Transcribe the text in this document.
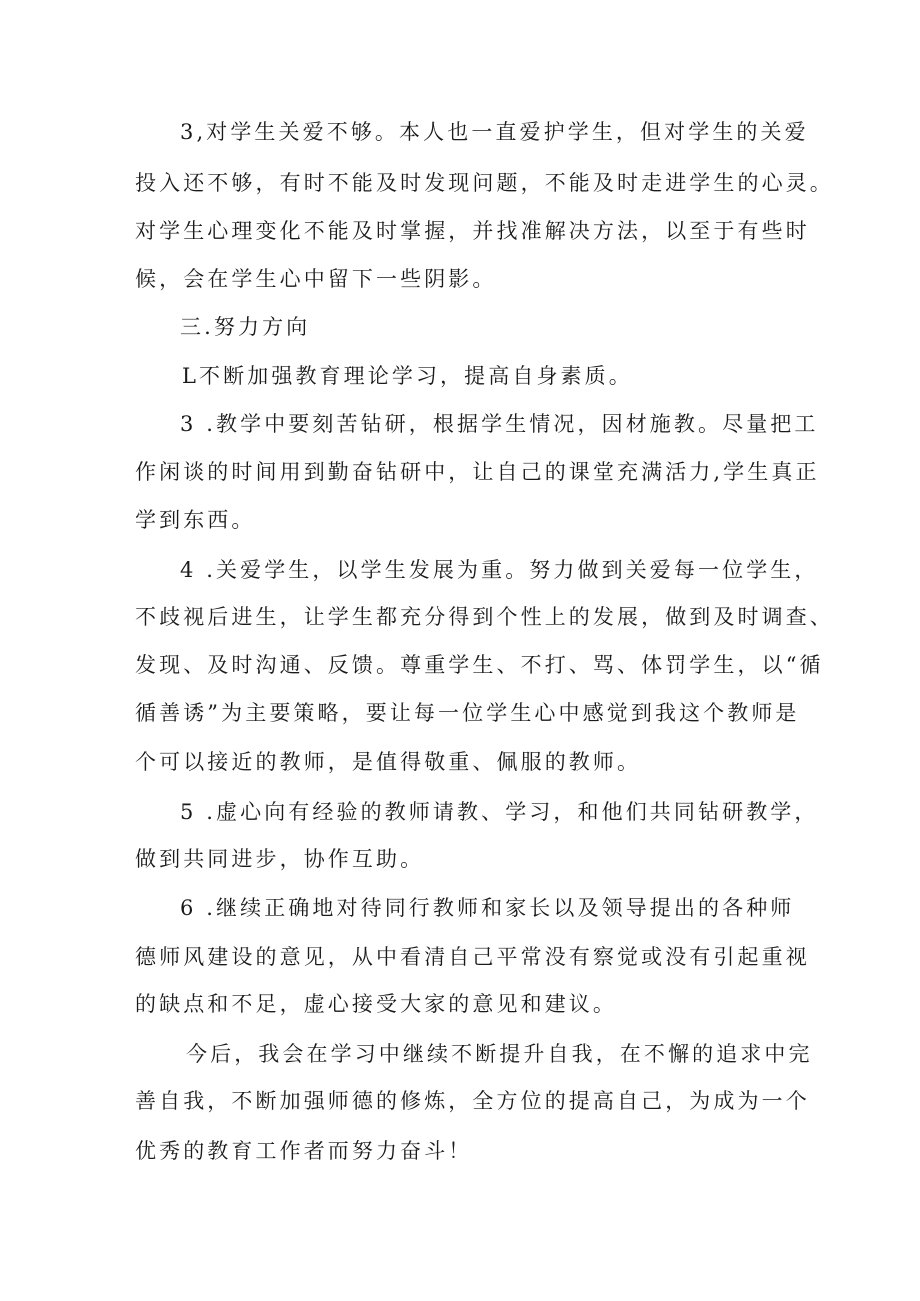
3,对学生关爱不够。本人也一直爱护学生，但对学生的关爱
投入还不够，有时不能及时发现问题，不能及时走进学生的心灵。
对学生心理变化不能及时掌握，并找准解决方法，以至于有些时
候，会在学生心中留下一些阴影。
三.努力方向
L不断加强教育理论学习，提高自身素质。
3 .教学中要刻苦钻研，根据学生情况，因材施教。尽量把工
作闲谈的时间用到勤奋钻研中，让自己的课堂充满活力,学生真正
学到东西。
4 .关爱学生，以学生发展为重。努力做到关爱每一位学生，
不歧视后进生，让学生都充分得到个性上的发展，做到及时调查、
发现、及时沟通、反馈。尊重学生、不打、骂、体罚学生，以“循
循善诱”为主要策略，要让每一位学生心中感觉到我这个教师是
个可以接近的教师，是值得敬重、佩服的教师。
5 .虚心向有经验的教师请教、学习，和他们共同钻研教学，
做到共同进步，协作互助。
6 .继续正确地对待同行教师和家长以及领导提出的各种师
德师风建设的意见，从中看清自己平常没有察觉或没有引起重视
的缺点和不足，虚心接受大家的意见和建议。
今后，我会在学习中继续不断提升自我，在不懈的追求中完
善自我，不断加强师德的修炼，全方位的提高自己，为成为一个
优秀的教育工作者而努力奋斗！
